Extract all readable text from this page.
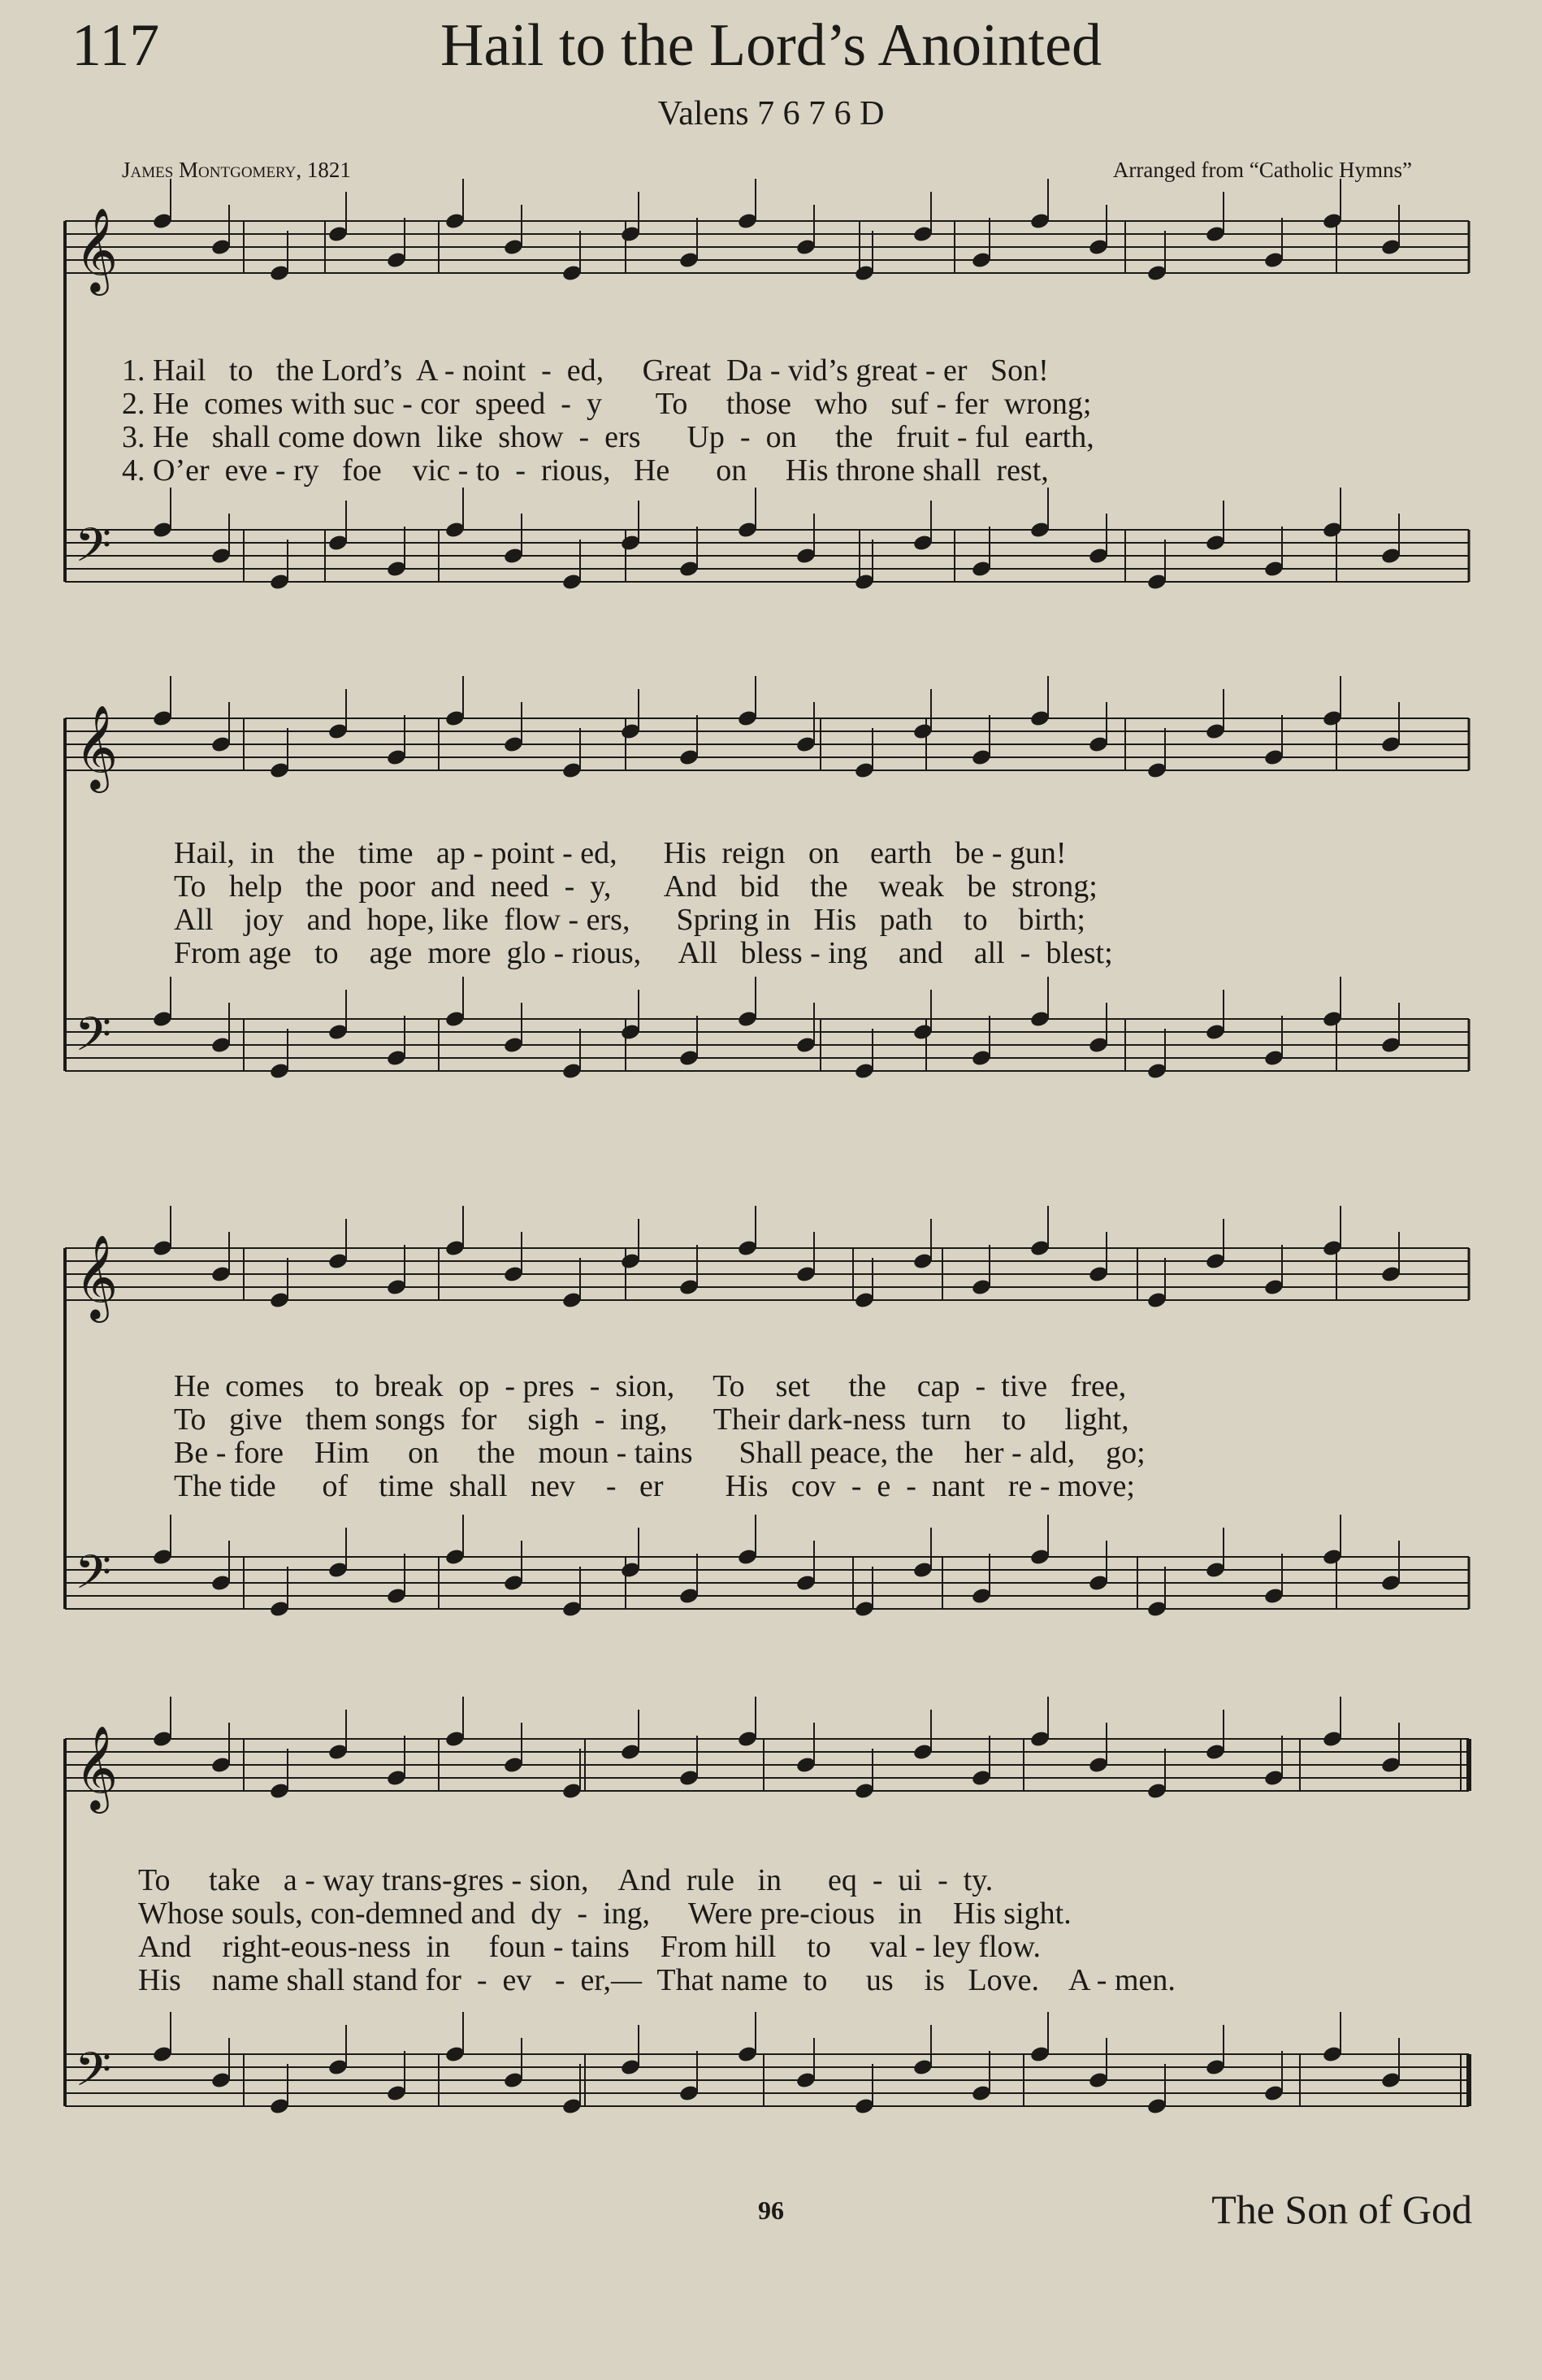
𝄞
𝄢
𝄞
𝄢
𝄞
𝄢
𝄞
𝄢
117	Hail to the Lord’s Anointed
Valens 7 6 7 6 D
James Montgomery, 1821	Arranged from “Catholic Hymns”
1. Hail   to   the Lord’s  A - noint  -  ed,     Great  Da - vid’s great - er   Son!
2. He  comes with suc - cor  speed  -  y       To     those   who   suf - fer  wrong;
3. He   shall come down  like  show  -  ers      Up  -  on     the   fruit - ful  earth,
4. O’er  eve - ry   foe    vic - to  -  rious,   He      on     His throne shall  rest,
Hail,  in   the   time   ap - point - ed,      His  reign   on    earth   be - gun!
To   help   the  poor  and  need  -  y,       And   bid    the    weak   be  strong;
All    joy   and  hope, like  flow - ers,      Spring in   His   path    to    birth;
From age   to    age  more  glo - rious,     All   bless - ing    and    all  -  blest;
He  comes    to  break  op  - pres  -  sion,     To    set     the    cap  -  tive   free,
To   give   them songs  for    sigh  -  ing,      Their dark-ness  turn    to     light,
Be - fore    Him     on     the   moun - tains      Shall peace, the    her - ald,    go;
The tide      of    time  shall   nev    -   er        His   cov  -  e  -  nant   re - move;
To     take   a - way trans-gres - sion,    And  rule   in      eq  -  ui  -  ty.
Whose souls, con-demned and  dy  -  ing,     Were pre-cious   in    His sight.
And    right-eous-ness  in     foun - tains    From hill    to     val - ley flow.
His    name shall stand for  -  ev   -  er,—  That name  to     us    is   Love.    A - men.
96	The Son of God
